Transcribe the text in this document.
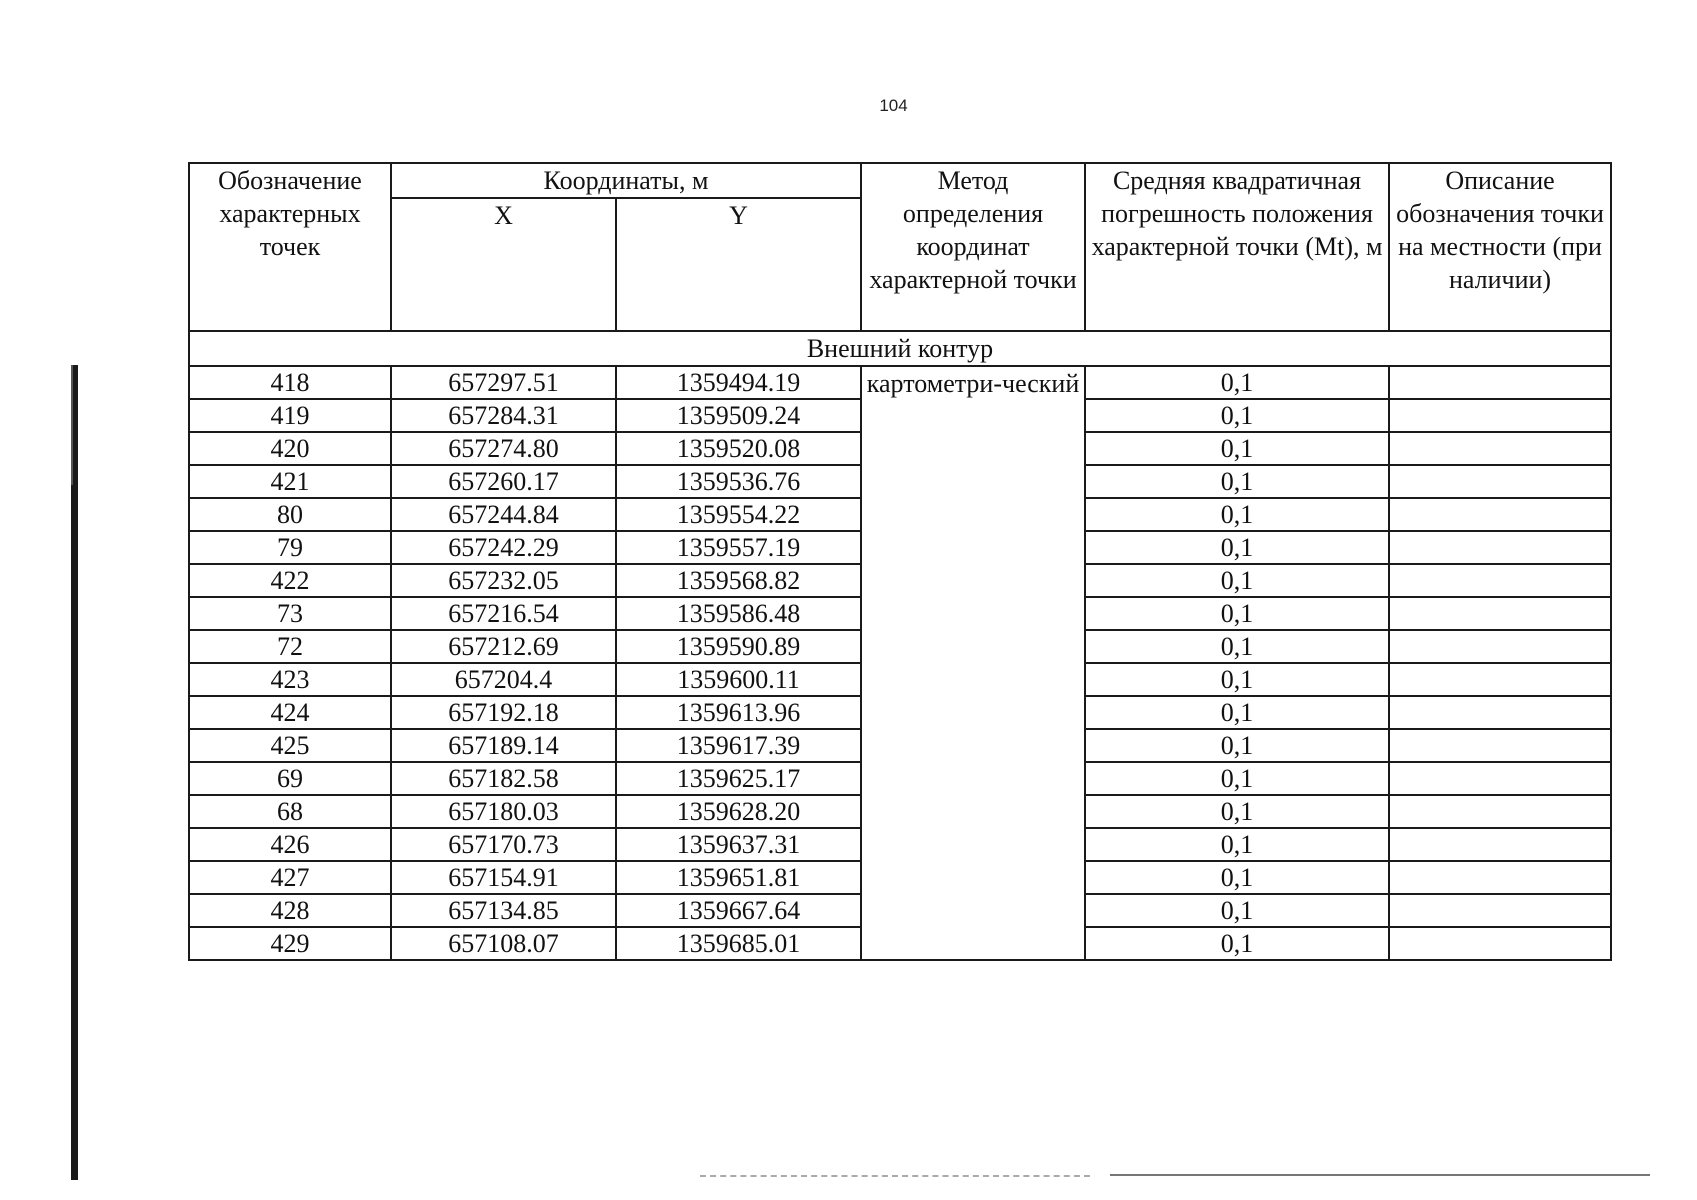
104
Обозначение характерных точек	Координаты, м		Метод определения координат характерной точки	Средняя квадратичная погрешность положения характерной точки (Mt), м	Описание обозначения точки на местности (при наличии)
	X	Y			
Внешний контур					
418	657297.51	1359494.19	картометри-ческий	0,1	
419	657284.31	1359509.24		0,1	
420	657274.80	1359520.08		0,1	
421	657260.17	1359536.76		0,1	
80	657244.84	1359554.22		0,1	
79	657242.29	1359557.19		0,1	
422	657232.05	1359568.82		0,1	
73	657216.54	1359586.48		0,1	
72	657212.69	1359590.89		0,1	
423	657204.4	1359600.11		0,1	
424	657192.18	1359613.96		0,1	
425	657189.14	1359617.39		0,1	
69	657182.58	1359625.17		0,1	
68	657180.03	1359628.20		0,1	
426	657170.73	1359637.31		0,1	
427	657154.91	1359651.81		0,1	
428	657134.85	1359667.64		0,1	
429	657108.07	1359685.01		0,1	
